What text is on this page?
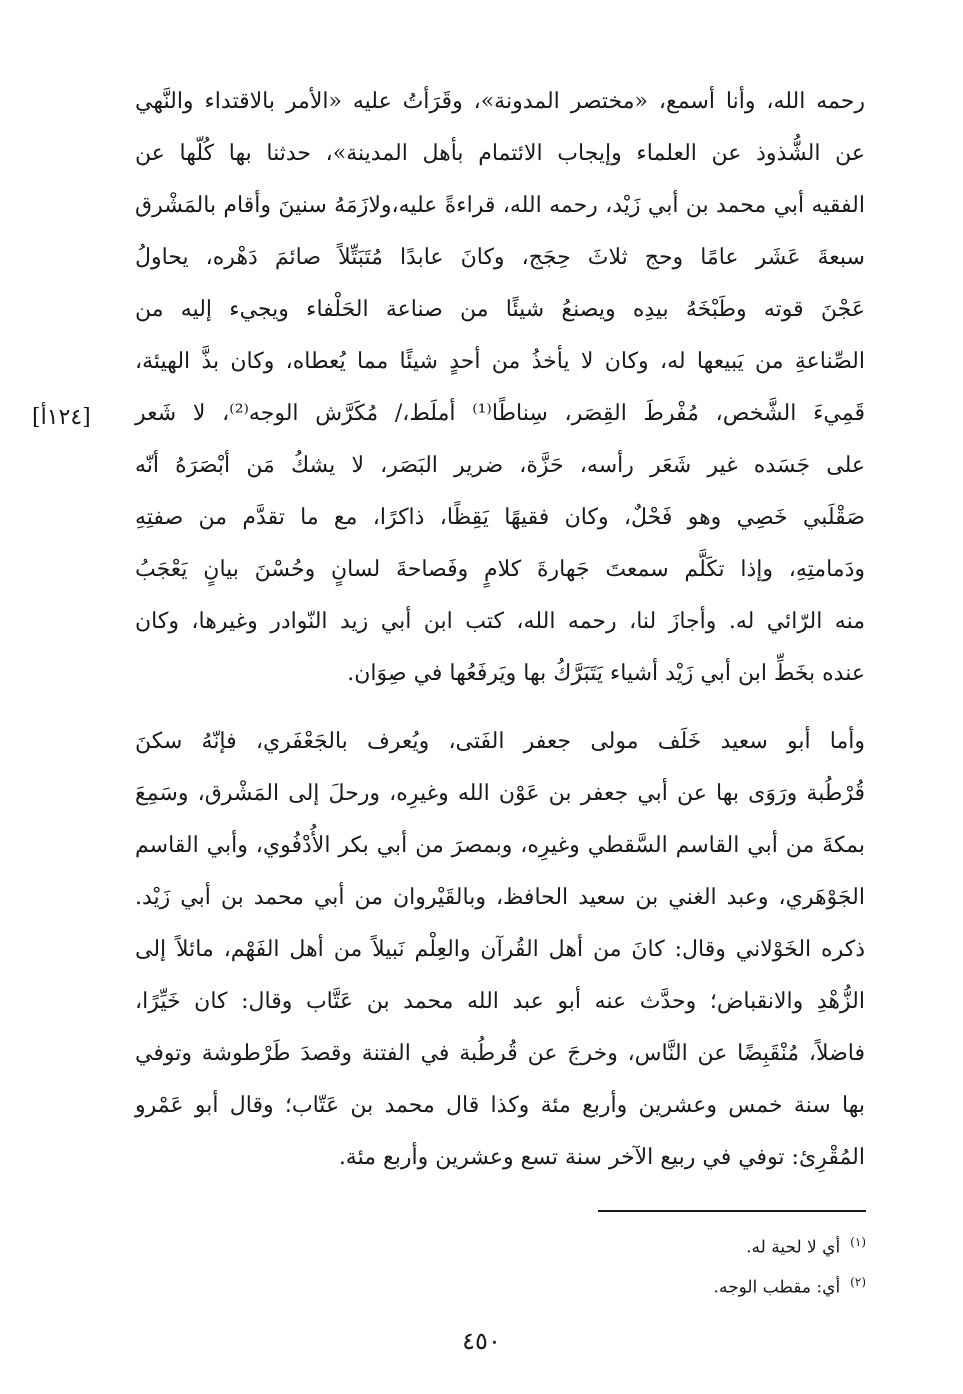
رحمه الله، وأنا أسمع، «مختصر المدونة»، وقَرَأتُ عليه «الأمر بالاقتداء والنَّهي
عن الشُّذوذ عن العلماء وإيجاب الائتمام بأهل المدينة»، حدثنا بها كُلّها عن
الفقيه أبي محمد بن أبي زَيْد، رحمه الله، قراءةً عليه،ولازَمَهُ سنينَ وأقام بالمَشْرق
سبعةَ عَشَر عامًا وحج ثلاثَ حِجَج، وكانَ عابدًا مُتَبَتِّلاً صائمَ دَهْره، يحاولُ
عَجْنَ قوته وطَبْخَهُ بيدِه ويصنعُ شيئًا من صناعة الحَلْفاء ويجيء إليه من
الصِّناعةِ من يَبيعها له، وكان لا يأخذُ من أحدٍ شيئًا مما يُعطاه، وكان بذَّ الهيئة،
قَمِيءَ الشَّخص، مُفْرطَ القِصَر، سِناطًا⁽¹⁾ أملَط،/ مُكَرَّش الوجه⁽²⁾، لا شَعر
على جَسَده غير شَعَر رأسه، حَزَّة، ضرير البَصَر، لا يشكُ مَن أبْصَرَهُ أنّه
صَقْلَبي خَصِي وهو فَحْلٌ، وكان فقيهًا يَقِظًا، ذاكرًا، مع ما تقدَّم من صفتِهِ
ودَمامتِهِ، وإذا تكَلَّم سمعتَ جَهارةَ كلامٍ وفَصاحةَ لسانٍ وحُسْنَ بيانٍ يَعْجَبُ
منه الرّائي له. وأجازَ لنا، رحمه الله، كتب ابن أبي زيد النّوادر وغيرها، وكان
عنده بخَطِّ ابن أبي زَيْد أشياء يَتَبَرَّكُ بها ويَرفَعُها في صِوَان.
[١٢٤أ]
وأما أبو سعيد خَلَف مولى جعفر الفَتى، ويُعرف بالجَعْفَري، فإنّهُ سكنَ
قُرْطُبة ورَوَى بها عن أبي جعفر بن عَوْن الله وغيرِه، ورحلَ إلى المَشْرق، وسَمِعَ
بمكةَ من أبي القاسم السَّقطي وغيرِه، وبمصرَ من أبي بكر الأُدْفُوي، وأبي القاسم
الجَوْهَري، وعبد الغني بن سعيد الحافظ، وبالقَيْروان من أبي محمد بن أبي زَيْد.
ذكره الخَوْلاني وقال: كانَ من أهل القُرآن والعِلْم نَبيلاً من أهل الفَهْم، مائلاً إلى
الزُّهْدِ والانقباض؛ وحدَّث عنه أبو عبد الله محمد بن عَتَّاب وقال: كان خَيِّرًا،
فاضلاً، مُنْقَبِضًا عن النَّاس، وخرجَ عن قُرطُبة في الفتنة وقصدَ طَرْطوشة وتوفي
بها سنة خمس وعشرين وأربع مئة وكذا قال محمد بن عَتّاب؛ وقال أبو عَمْرو
المُقْرِئ: توفي في ربيع الآخر سنة تسع وعشرين وأربع مئة.
$^{(١)}$أي لا لحية له.
$^{(٢)}$أي: مقطب الوجه.
٤٥٠
